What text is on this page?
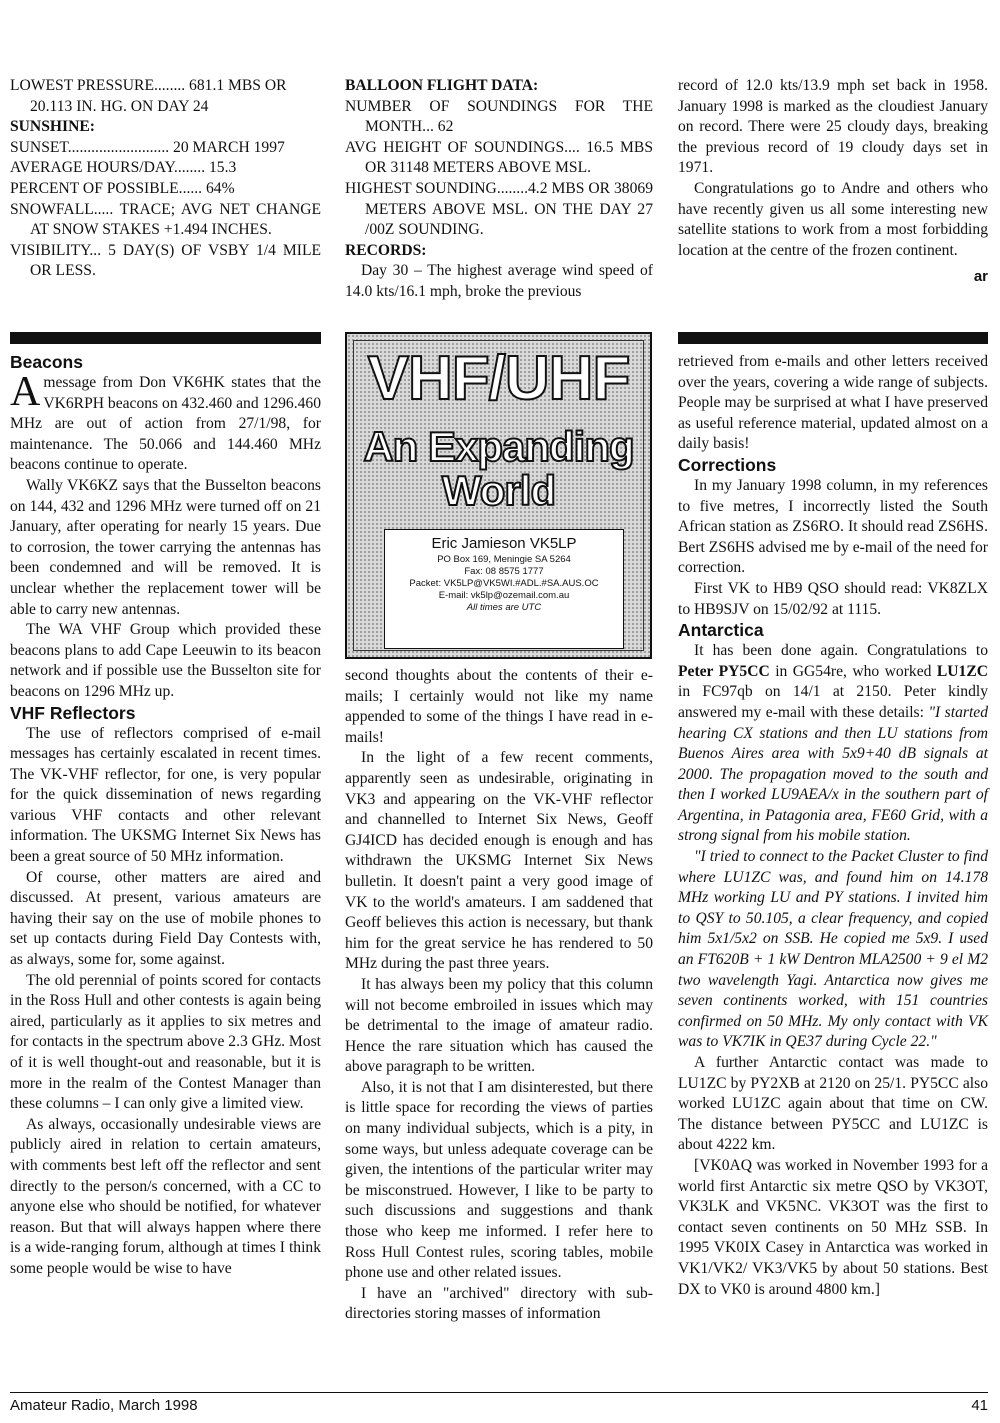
LOWEST PRESSURE........ 681.1 MBS OR 20.113 IN. HG. ON DAY 24

SUNSHINE:

SUNSET.......................... 20 MARCH 1997

AVERAGE HOURS/DAY........ 15.3

PERCENT OF POSSIBLE...... 64%

SNOWFALL..... TRACE; AVG NET CHANGE AT SNOW STAKES +1.494 INCHES.

VISIBILITY... 5 DAY(S) OF VSBY 1/4 MILE OR LESS.

BALLOON FLIGHT DATA:

NUMBER OF SOUNDINGS FOR THE MONTH... 62

AVG HEIGHT OF SOUNDINGS.... 16.5 MBS OR 31148 METERS ABOVE MSL.

HIGHEST SOUNDING........4.2 MBS OR 38069 METERS ABOVE MSL. ON THE DAY 27 /00Z SOUNDING.

RECORDS:

Day 30 – The highest average wind speed of 14.0 kts/16.1 mph, broke the previous

record of 12.0 kts/13.9 mph set back in 1958. January 1998 is marked as the cloudiest January on record. There were 25 cloudy days, breaking the previous record of 19 cloudy days set in 1971.

Congratulations go to Andre and others who have recently given us all some interesting new satellite stations to work from a most forbidding location at the centre of the frozen continent.

ar
VHF/UHF
An Expanding
World
Eric Jamieson VK5LP
PO Box 169, Meningie SA 5264
Fax: 08 8575 1777
Packet: VK5LP@VK5WI.#ADL.#SA.AUS.OC
E-mail: vk5lp@ozemail.com.au
All times are UTC
Beacons

A message from Don VK6HK states that the VK6RPH beacons on 432.460 and 1296.460 MHz are out of action from 27/1/98, for maintenance. The 50.066 and 144.460 MHz beacons continue to operate.

Wally VK6KZ says that the Busselton beacons on 144, 432 and 1296 MHz were turned off on 21 January, after operating for nearly 15 years. Due to corrosion, the tower carrying the antennas has been condemned and will be removed. It is unclear whether the replacement tower will be able to carry new antennas.

The WA VHF Group which provided these beacons plans to add Cape Leeuwin to its beacon network and if possible use the Busselton site for beacons on 1296 MHz up.

VHF Reflectors

The use of reflectors comprised of e-mail messages has certainly escalated in recent times. The VK-VHF reflector, for one, is very popular for the quick dissemination of news regarding various VHF contacts and other relevant information. The UKSMG Internet Six News has been a great source of 50 MHz information.

Of course, other matters are aired and discussed. At present, various amateurs are having their say on the use of mobile phones to set up contacts during Field Day Contests with, as always, some for, some against.

The old perennial of points scored for contacts in the Ross Hull and other contests is again being aired, particularly as it applies to six metres and for contacts in the spectrum above 2.3 GHz. Most of it is well thought-out and reasonable, but it is more in the realm of the Contest Manager than these columns – I can only give a limited view.

As always, occasionally undesirable views are publicly aired in relation to certain amateurs, with comments best left off the reflector and sent directly to the person/s concerned, with a CC to anyone else who should be notified, for whatever reason. But that will always happen where there is a wide-ranging forum, although at times I think some people would be wise to have

second thoughts about the contents of their e-mails; I certainly would not like my name appended to some of the things I have read in e-mails!

In the light of a few recent comments, apparently seen as undesirable, originating in VK3 and appearing on the VK-VHF reflector and channelled to Internet Six News, Geoff GJ4ICD has decided enough is enough and has withdrawn the UKSMG Internet Six News bulletin. It doesn't paint a very good image of VK to the world's amateurs. I am saddened that Geoff believes this action is necessary, but thank him for the great service he has rendered to 50 MHz during the past three years.

It has always been my policy that this column will not become embroiled in issues which may be detrimental to the image of amateur radio. Hence the rare situation which has caused the above paragraph to be written.

Also, it is not that I am disinterested, but there is little space for recording the views of parties on many individual subjects, which is a pity, in some ways, but unless adequate coverage can be given, the intentions of the particular writer may be misconstrued. However, I like to be party to such discussions and suggestions and thank those who keep me informed. I refer here to Ross Hull Contest rules, scoring tables, mobile phone use and other related issues.

I have an "archived" directory with sub-directories storing masses of information

retrieved from e-mails and other letters received over the years, covering a wide range of subjects. People may be surprised at what I have preserved as useful reference material, updated almost on a daily basis!

Corrections

In my January 1998 column, in my references to five metres, I incorrectly listed the South African station as ZS6RO. It should read ZS6HS. Bert ZS6HS advised me by e-mail of the need for correction.

First VK to HB9 QSO should read: VK8ZLX to HB9SJV on 15/02/92 at 1115.

Antarctica

It has been done again. Congratulations to Peter PY5CC in GG54re, who worked LU1ZC in FC97qb on 14/1 at 2150. Peter kindly answered my e-mail with these details: "I started hearing CX stations and then LU stations from Buenos Aires area with 5x9+40 dB signals at 2000. The propagation moved to the south and then I worked LU9AEA/x in the southern part of Argentina, in Patagonia area, FE60 Grid, with a strong signal from his mobile station.

"I tried to connect to the Packet Cluster to find where LU1ZC was, and found him on 14.178 MHz working LU and PY stations. I invited him to QSY to 50.105, a clear frequency, and copied him 5x1/5x2 on SSB. He copied me 5x9. I used an FT620B + 1 kW Dentron MLA2500 + 9 el M2 two wavelength Yagi. Antarctica now gives me seven continents worked, with 151 countries confirmed on 50 MHz. My only contact with VK was to VK7IK in QE37 during Cycle 22."

A further Antarctic contact was made to LU1ZC by PY2XB at 2120 on 25/1. PY5CC also worked LU1ZC again about that time on CW. The distance between PY5CC and LU1ZC is about 4222 km.

[VK0AQ was worked in November 1993 for a world first Antarctic six metre QSO by VK3OT, VK3LK and VK5NC. VK3OT was the first to contact seven continents on 50 MHz SSB. In 1995 VK0IX Casey in Antarctica was worked in VK1/VK2/ VK3/VK5 by about 50 stations. Best DX to VK0 is around 4800 km.]

Amateur Radio, March 1998	41
